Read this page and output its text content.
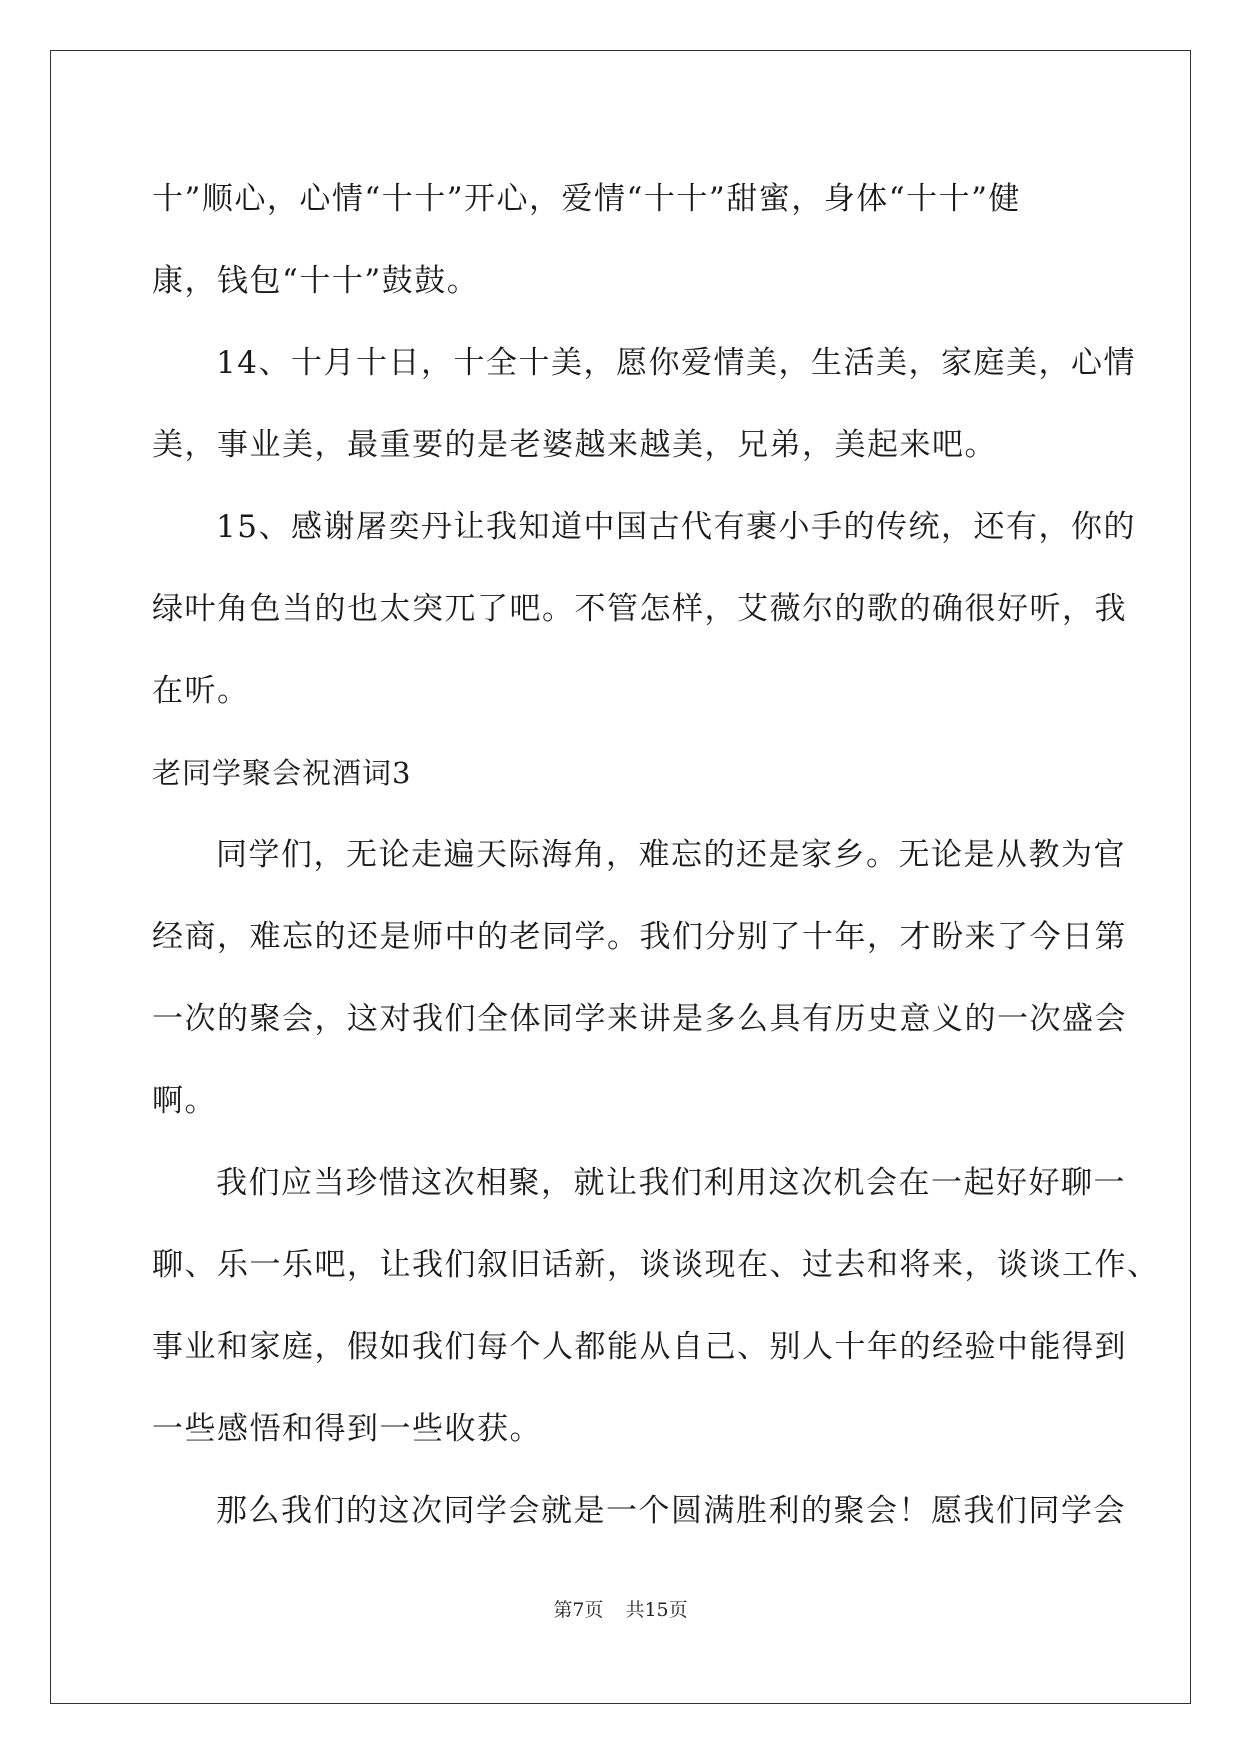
十”顺心，心情“十十”开心，爱情“十十”甜蜜，身体“十十”健
康，钱包“十十”鼓鼓。
14、十月十日，十全十美，愿你爱情美，生活美，家庭美，心情
美，事业美，最重要的是老婆越来越美，兄弟，美起来吧。
15、感谢屠奕丹让我知道中国古代有裹小手的传统，还有，你的
绿叶角色当的也太突兀了吧。不管怎样，艾薇尔的歌的确很好听，我
在听。
老同学聚会祝酒词3
同学们，无论走遍天际海角，难忘的还是家乡。无论是从教为官
经商，难忘的还是师中的老同学。我们分别了十年，才盼来了今日第
一次的聚会，这对我们全体同学来讲是多么具有历史意义的一次盛会
啊。
我们应当珍惜这次相聚，就让我们利用这次机会在一起好好聊一
聊、乐一乐吧，让我们叙旧话新，谈谈现在、过去和将来，谈谈工作、
事业和家庭，假如我们每个人都能从自己、别人十年的经验中能得到
一些感悟和得到一些收获。
那么我们的这次同学会就是一个圆满胜利的聚会！愿我们同学会
第7页 共15页
